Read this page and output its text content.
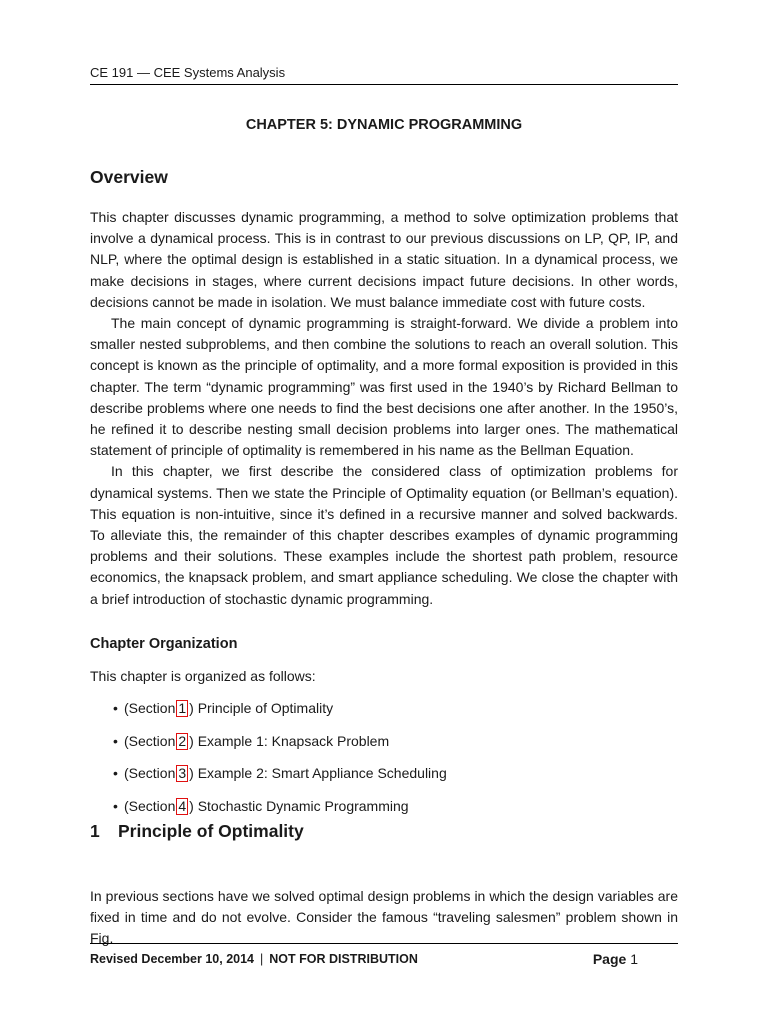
CE 191 — CEE Systems Analysis
CHAPTER 5: DYNAMIC PROGRAMMING
Overview

This chapter discusses dynamic programming, a method to solve optimization problems that involve a dynamical process. This is in contrast to our previous discussions on LP, QP, IP, and NLP, where the optimal design is established in a static situation. In a dynamical process, we make decisions in stages, where current decisions impact future decisions. In other words, decisions cannot be made in isolation. We must balance immediate cost with future costs.

The main concept of dynamic programming is straight-forward. We divide a problem into smaller nested subproblems, and then combine the solutions to reach an overall solution. This concept is known as the principle of optimality, and a more formal exposition is provided in this chapter. The term “dynamic programming” was first used in the 1940’s by Richard Bellman to describe problems where one needs to find the best decisions one after another. In the 1950’s, he refined it to describe nesting small decision problems into larger ones. The mathematical statement of principle of optimality is remembered in his name as the Bellman Equation.

In this chapter, we first describe the considered class of optimization problems for dynamical systems. Then we state the Principle of Optimality equation (or Bellman’s equation). This equation is non-intuitive, since it’s defined in a recursive manner and solved backwards. To alleviate this, the remainder of this chapter describes examples of dynamic programming problems and their solutions. These examples include the shortest path problem, resource economics, the knapsack problem, and smart appliance scheduling. We close the chapter with a brief introduction of stochastic dynamic programming.

Chapter Organization
This chapter is organized as follows:
• (Section 1 ) Principle of Optimality
• (Section 2 ) Example 1: Knapsack Problem
• (Section 3 ) Example 2: Smart Appliance Scheduling
• (Section 4 ) Stochastic Dynamic Programming
1 Principle of Optimality

In previous sections have we solved optimal design problems in which the design variables are fixed in time and do not evolve. Consider the famous “traveling salesmen” problem shown in Fig.

Revised December 10, 2014 | NOT FOR DISTRIBUTION	Page 1
